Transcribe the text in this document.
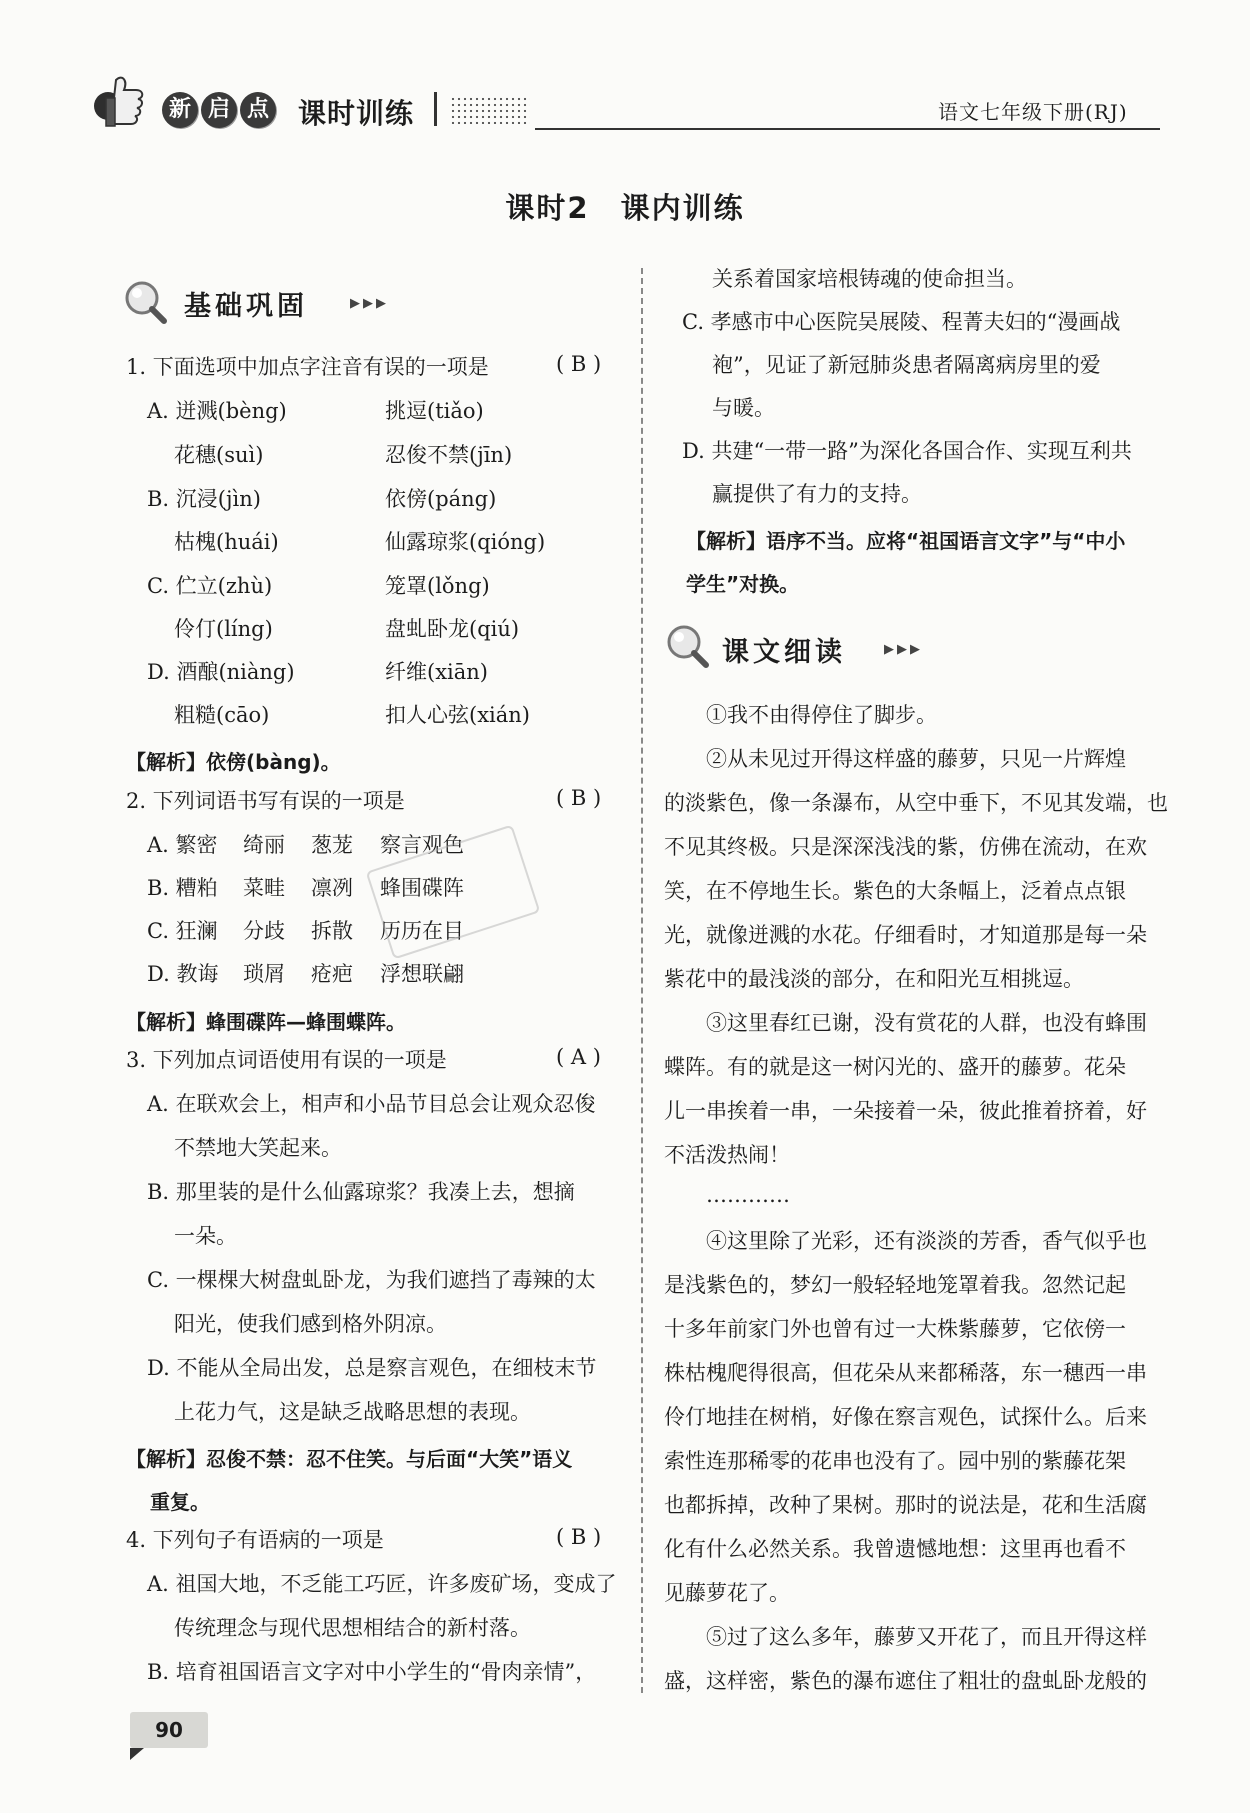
新 启 点	课时训练	语文七年级下册(RJ)
课时2　课内训练
基础巩固	▶▶▶
1. 下面选项中加点字注音有误的一项是	( B )
A. 迸溅(bèng)	挑逗(tiǎo)
花穗(suì)	忍俊不禁(jīn)
B. 沉浸(jìn)	依傍(páng)
枯槐(huái)	仙露琼浆(qióng)
C. 伫立(zhù)	笼罩(lǒng)
伶仃(líng)	盘虬卧龙(qiú)
D. 酒酿(niàng)	纤维(xiān)
粗糙(cāo)	扣人心弦(xián)
【解析】依傍(bàng)。
2. 下列词语书写有误的一项是	( B )
A. 繁密 绮丽 葱茏 察言观色
B. 糟粕 菜畦 凛冽 蜂围碟阵
C. 狂澜 分歧 拆散 历历在目
D. 教诲 琐屑 疮疤 浮想联翩
【解析】蜂围碟阵—蜂围蝶阵。
3. 下列加点词语使用有误的一项是	( A )
A. 在联欢会上，相声和小品节目总会让观众忍俊
不禁地大笑起来。
B. 那里装的是什么仙露琼浆？我凑上去，想摘
一朵。
C. 一棵棵大树盘虬卧龙，为我们遮挡了毒辣的太
阳光，使我们感到格外阴凉。
D. 不能从全局出发，总是察言观色，在细枝末节
上花力气，这是缺乏战略思想的表现。
【解析】忍俊不禁：忍不住笑。与后面“大笑”语义
重复。
4. 下列句子有语病的一项是	( B )
A. 祖国大地，不乏能工巧匠，许多废矿场，变成了
传统理念与现代思想相结合的新村落。
B. 培育祖国语言文字对中小学生的“骨肉亲情”，
关系着国家培根铸魂的使命担当。
C. 孝感市中心医院吴展陵、程菁夫妇的“漫画战
袍”，见证了新冠肺炎患者隔离病房里的爱
与暖。
D. 共建“一带一路”为深化各国合作、实现互利共
赢提供了有力的支持。
【解析】语序不当。应将“祖国语言文字”与“中小
学生”对换。
课文细读	▶▶▶
①我不由得停住了脚步。
②从未见过开得这样盛的藤萝，只见一片辉煌
的淡紫色，像一条瀑布，从空中垂下，不见其发端，也
不见其终极。只是深深浅浅的紫，仿佛在流动，在欢
笑，在不停地生长。紫色的大条幅上，泛着点点银
光，就像迸溅的水花。仔细看时，才知道那是每一朵
紫花中的最浅淡的部分，在和阳光互相挑逗。
③这里春红已谢，没有赏花的人群，也没有蜂围
蝶阵。有的就是这一树闪光的、盛开的藤萝。花朵
儿一串挨着一串，一朵接着一朵，彼此推着挤着，好
不活泼热闹！
…………
④这里除了光彩，还有淡淡的芳香，香气似乎也
是浅紫色的，梦幻一般轻轻地笼罩着我。忽然记起
十多年前家门外也曾有过一大株紫藤萝，它依傍一
株枯槐爬得很高，但花朵从来都稀落，东一穗西一串
伶仃地挂在树梢，好像在察言观色，试探什么。后来
索性连那稀零的花串也没有了。园中别的紫藤花架
也都拆掉，改种了果树。那时的说法是，花和生活腐
化有什么必然关系。我曾遗憾地想：这里再也看不
见藤萝花了。
⑤过了这么多年，藤萝又开花了，而且开得这样
盛，这样密，紫色的瀑布遮住了粗壮的盘虬卧龙般的
90
